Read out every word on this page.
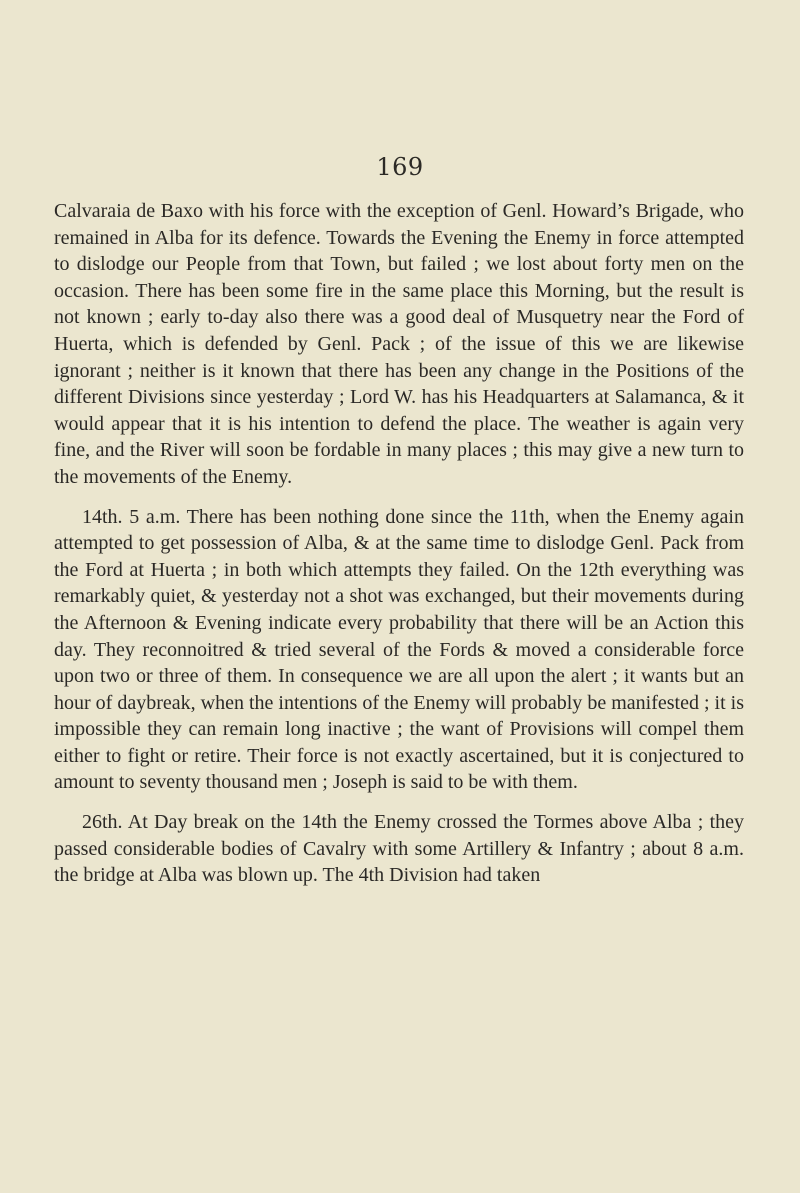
169

Calvaraia de Baxo with his force with the exception of Genl. Howard’s Brigade, who remained in Alba for its defence. Towards the Evening the Enemy in force attempted to dislodge our People from that Town, but failed ; we lost about forty men on the occasion. There has been some fire in the same place this Morning, but the result is not known ; early to-day also there was a good deal of Musquetry near the Ford of Huerta, which is defended by Genl. Pack ; of the issue of this we are likewise ignorant ; neither is it known that there has been any change in the Positions of the different Divisions since yesterday ; Lord W. has his Headquarters at Salamanca, & it would appear that it is his intention to defend the place. The weather is again very fine, and the River will soon be fordable in many places ; this may give a new turn to the movements of the Enemy.

14th. 5 a.m. There has been nothing done since the 11th, when the Enemy again attempted to get possession of Alba, & at the same time to dislodge Genl. Pack from the Ford at Huerta ; in both which attempts they failed. On the 12th everything was remarkably quiet, & yesterday not a shot was exchanged, but their movements during the Afternoon & Evening indicate every probability that there will be an Action this day. They reconnoitred & tried several of the Fords & moved a considerable force upon two or three of them. In consequence we are all upon the alert ; it wants but an hour of daybreak, when the intentions of the Enemy will probably be manifested ; it is impossible they can remain long inactive ; the want of Provisions will compel them either to fight or retire. Their force is not exactly ascertained, but it is conjectured to amount to seventy thousand men ; Joseph is said to be with them.

26th. At Day break on the 14th the Enemy crossed the Tormes above Alba ; they passed considerable bodies of Cavalry with some Artillery & Infantry ; about 8 a.m. the bridge at Alba was blown up. The 4th Division had taken
